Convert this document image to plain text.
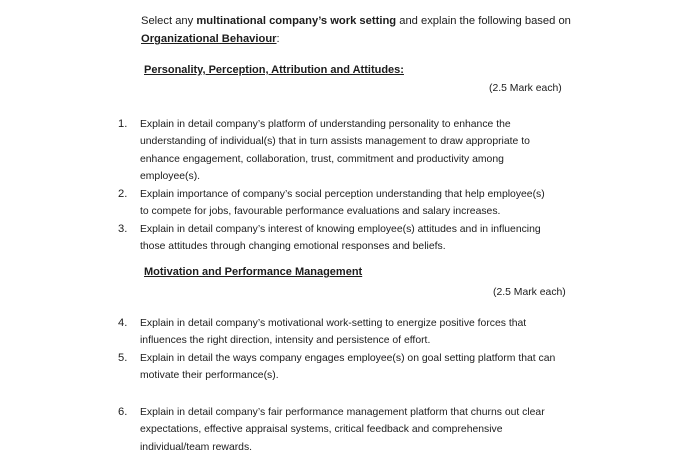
Select any multinational company’s work setting and explain the following based on
Organizational Behaviour:
Personality, Perception, Attribution and Attitudes:
(2.5 Mark each)
1.	Explain in detail company’s platform of understanding personality to enhance the
understanding of individual(s) that in turn assists management to draw appropriate to
enhance engagement, collaboration, trust, commitment and productivity among
employee(s).
2.	Explain importance of company’s social perception understanding that help employee(s)
to compete for jobs, favourable performance evaluations and salary increases.
3.	Explain in detail company’s interest of knowing employee(s) attitudes and in influencing
those attitudes through changing emotional responses and beliefs.
Motivation and Performance Management
(2.5 Mark each)
4.	Explain in detail company’s motivational work-setting to energize positive forces that
influences the right direction, intensity and persistence of effort.
5.	Explain in detail the ways company engages employee(s) on goal setting platform that can
motivate their performance(s).
6.	Explain in detail company’s fair performance management platform that churns out clear
expectations, effective appraisal systems, critical feedback and comprehensive
individual/team rewards.
